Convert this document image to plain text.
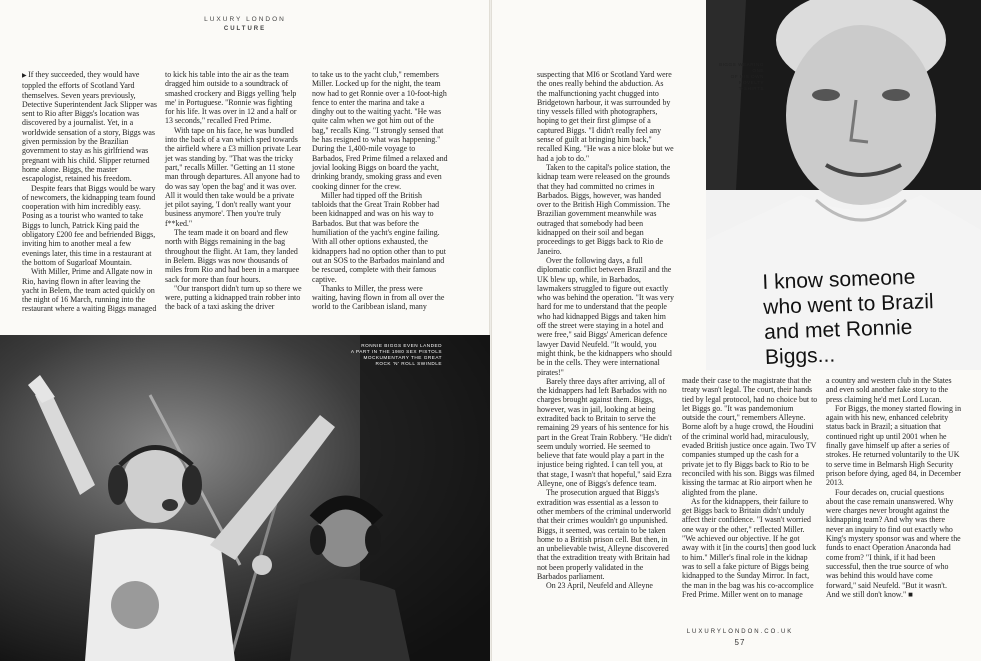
LUXURY LONDON
CULTURE

▶ If they succeeded, they would have toppled the efforts of Scotland Yard themselves. Seven years previously, Detective Superintendent Jack Slipper was sent to Rio after Biggs's location was discovered by a journalist. Yet, in a worldwide sensation of a story, Biggs was given permission by the Brazilian government to stay as his girlfriend was pregnant with his child. Slipper returned home alone. Biggs, the master escapologist, retained his freedom.

Despite fears that Biggs would be wary of newcomers, the kidnapping team found cooperation with him incredibly easy. Posing as a tourist who wanted to take Biggs to lunch, Patrick King paid the obligatory £200 fee and befriended Biggs, inviting him to another meal a few evenings later, this time in a restaurant at the bottom of Sugarloaf Mountain.

With Miller, Prime and Allgate now in Rio, having flown in after leaving the yacht in Belem, the team acted quickly on the night of 16 March, running into the restaurant where a waiting Biggs managed

to kick his table into the air as the team dragged him outside to a soundtrack of smashed crockery and Biggs yelling 'help me' in Portuguese. "Ronnie was fighting for his life. It was over in 12 and a half or 13 seconds," recalled Fred Prime.

With tape on his face, he was bundled into the back of a van which sped towards the airfield where a £3 million private Lear jet was standing by. "That was the tricky part," recalls Miller. "Getting an 11 stone man through departures. All anyone had to do was say 'open the bag' and it was over. All it would then take would be a private jet pilot saying, 'I don't really want your business anymore'. Then you're truly f**ked."

The team made it on board and flew north with Biggs remaining in the bag throughout the flight. At 1am, they landed in Belem. Biggs was now thousands of miles from Rio and had been in a marquee sack for more than four hours.

"Our transport didn't turn up so there we were, putting a kidnapped train robber into the back of a taxi asking the driver

to take us to the yacht club," remembers Miller. Locked up for the night, the team now had to get Ronnie over a 10-foot-high fence to enter the marina and take a dinghy out to the waiting yacht. "He was quite calm when we got him out of the bag," recalls King. "I strongly sensed that he has resigned to what was happening." During the 1,400-mile voyage to Barbados, Fred Prime filmed a relaxed and jovial looking Biggs on board the yacht, drinking brandy, smoking grass and even cooking dinner for the crew.

Miller had tipped off the British tabloids that the Great Train Robber had been kidnapped and was on his way to Barbados. But that was before the humiliation of the yacht's engine failing. With all other options exhausted, the kidnappers had no option other than to put out an SOS to the Barbados mainland and be rescued, complete with their famous captive.

Thanks to Miller, the press were waiting, having flown in from all over the world to the Caribbean island, many

RONNIE BIGGS EVEN LANDED
A PART IN THE 1980 SEX PISTOLS
MOCKUMENTARY THE GREAT
ROCK 'N' ROLL SWINDLE
BIGGS WEARING ONE
OF HIS OWN NOVELTY
T-SHIRTS
I know someone
who went to Brazil
and met Ronnie Biggs...

suspecting that MI6 or Scotland Yard were the ones really behind the abduction. As the malfunctioning yacht chugged into Bridgetown harbour, it was surrounded by tiny vessels filled with photographers, hoping to get their first glimpse of a captured Biggs. "I didn't really feel any sense of guilt at bringing him back," recalled King. "He was a nice bloke but we had a job to do."

Taken to the capital's police station, the kidnap team were released on the grounds that they had committed no crimes in Barbados. Biggs, however, was handed over to the British High Commission. The Brazilian government meanwhile was outraged that somebody had been kidnapped on their soil and began proceedings to get Biggs back to Rio de Janeiro.

Over the following days, a full diplomatic conflict between Brazil and the UK blew up, while, in Barbados, lawmakers struggled to figure out exactly who was behind the operation. "It was very hard for me to understand that the people who had kidnapped Biggs and taken him off the street were staying in a hotel and were free," said Biggs' American defence lawyer David Neufeld. "It would, you might think, be the kidnappers who should be in the cells. They were international pirates!"

Barely three days after arriving, all of the kidnappers had left Barbados with no charges brought against them. Biggs, however, was in jail, looking at being extradited back to Britain to serve the remaining 29 years of his sentence for his part in the Great Train Robbery. "He didn't seem unduly worried. He seemed to believe that fate would play a part in the injustice being righted. I can tell you, at that stage, I wasn't that hopeful," said Ezra Alleyne, one of Biggs's defence team.

The prosecution argued that Biggs's extradition was essential as a lesson to other members of the criminal underworld that their crimes wouldn't go unpunished. Biggs, it seemed, was certain to be taken home to a British prison cell. But then, in an unbelievable twist, Alleyne discovered that the extradition treaty with Britain had not been properly validated in the Barbados parliament.

On 23 April, Neufeld and Alleyne

made their case to the magistrate that the treaty wasn't legal. The court, their hands tied by legal protocol, had no choice but to let Biggs go. "It was pandemonium outside the court," remembers Alleyne. Borne aloft by a huge crowd, the Houdini of the criminal world had, miraculously, evaded British justice once again. Two TV companies stumped up the cash for a private jet to fly Biggs back to Rio to be reconciled with his son. Biggs was filmed kissing the tarmac at Rio airport when he alighted from the plane.

As for the kidnappers, their failure to get Biggs back to Britain didn't unduly affect their confidence. "I wasn't worried one way or the other," reflected Miller. "We achieved our objective. If he got away with it [in the courts] then good luck to him." Miller's final role in the kidnap was to sell a fake picture of Biggs being kidnapped to the Sunday Mirror. In fact, the man in the bag was his co-accomplice Fred Prime. Miller went on to manage

a country and western club in the States and even sold another fake story to the press claiming he'd met Lord Lucan.

For Biggs, the money started flowing in again with his new, enhanced celebrity status back in Brazil; a situation that continued right up until 2001 when he finally gave himself up after a series of strokes. He returned voluntarily to the UK to serve time in Belmarsh High Security prison before dying, aged 84, in December 2013.

Four decades on, crucial questions about the case remain unanswered. Why were charges never brought against the kidnapping team? And why was there never an inquiry to find out exactly who King's mystery sponsor was and where the funds to enact Operation Anaconda had come from? "I think, if it had been successful, then the true source of who was behind this would have come forward," said Neufeld. "But it wasn't. And we still don't know." ■

LUXURYLONDON.CO.UK
57
